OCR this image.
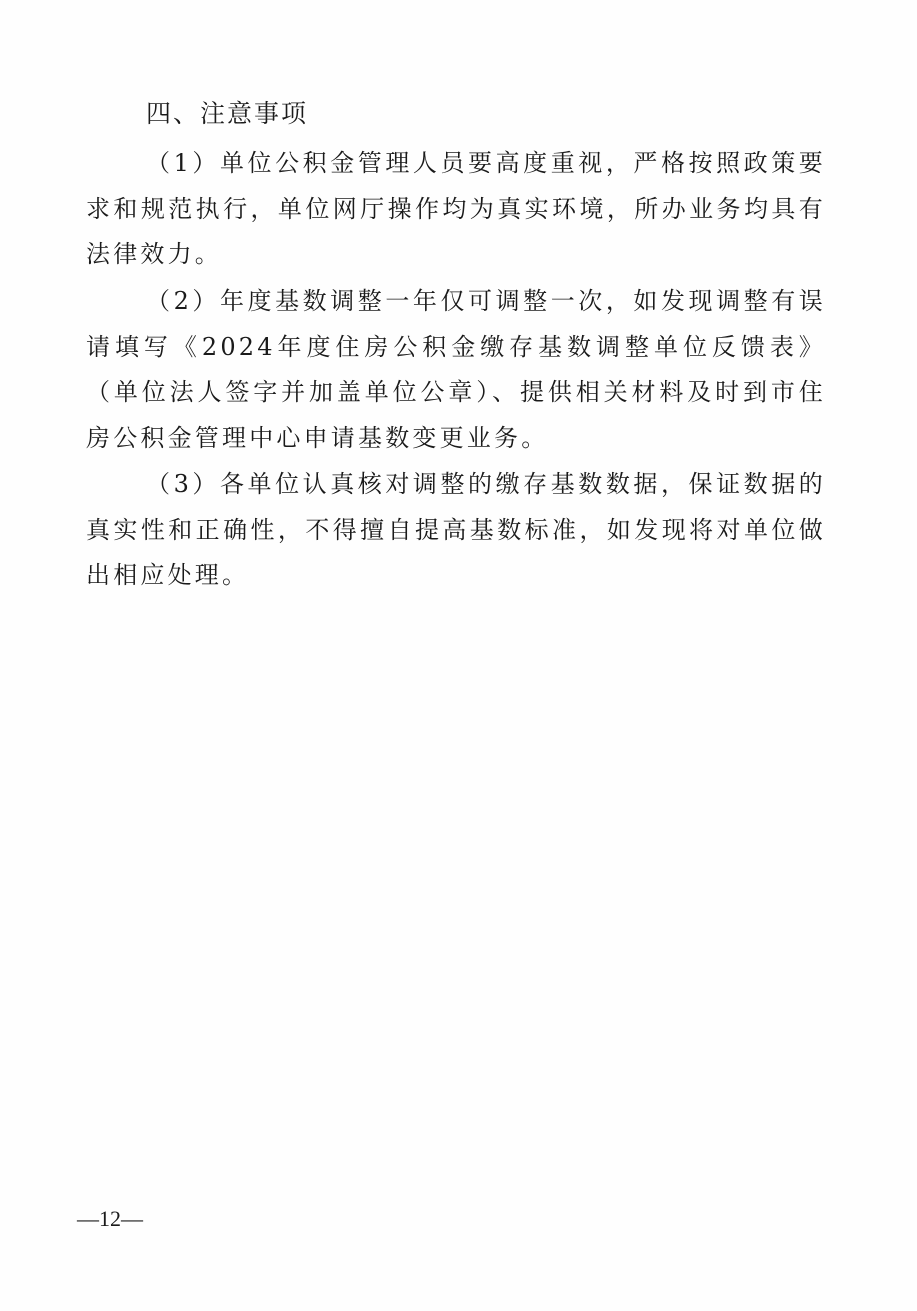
四、注意事项

（1）单位公积金管理人员要高度重视，严格按照政策要求和规范执行，单位网厅操作均为真实环境，所办业务均具有法律效力。

（2）年度基数调整一年仅可调整一次，如发现调整有误请填写《2024年度住房公积金缴存基数调整单位反馈表》（单位法人签字并加盖单位公章）、提供相关材料及时到市住房公积金管理中心申请基数变更业务。

（3）各单位认真核对调整的缴存基数数据，保证数据的真实性和正确性，不得擅自提高基数标准，如发现将对单位做出相应处理。

—12—
